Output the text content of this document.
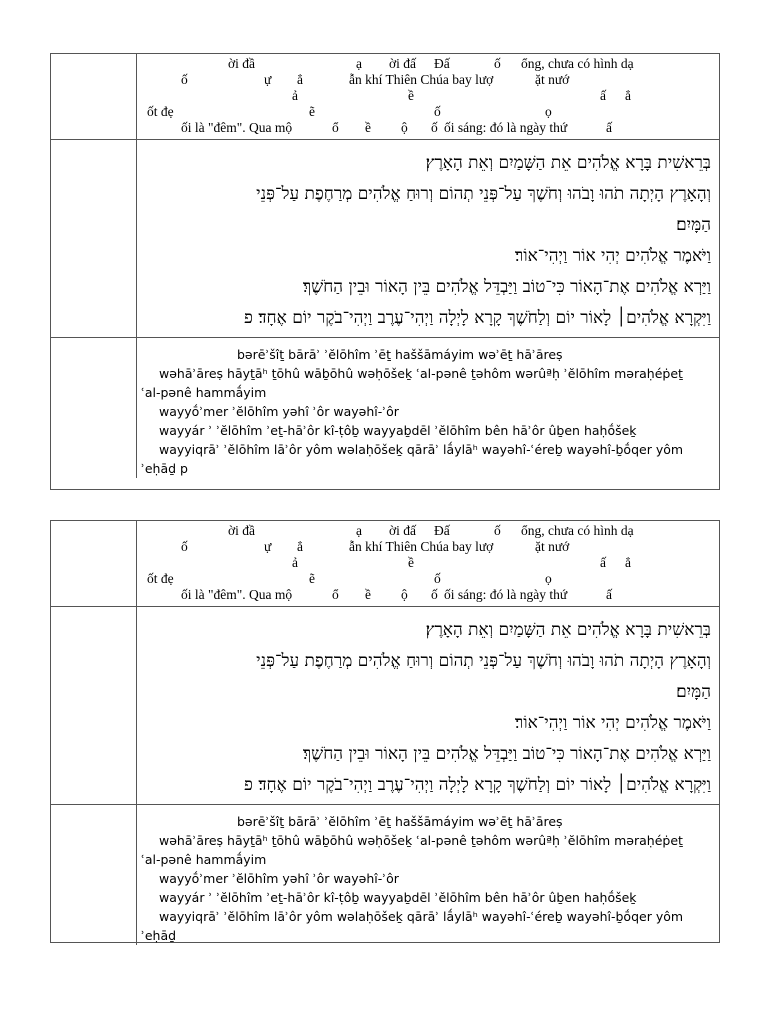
ời đầ	ạ ời đấ Đấ	ố ổng, chưa có hình dạ
ố	ự ẳ	ẫn khí Thiên Chúa bay lượ	ặt nướ
ả	ề	ấ ẳ
ốt đẹ	ẽ	ố	ọ
ối là "đêm". Qua mộ	ổ ề ộ ố ối sáng: đó là ngày thứ	ấ
בְּרֵאשִׁית בָּרָא אֱלֹהִים אֵת הַשָּׁמַיִם וְאֵת הָאָרֶץ׃
וְהָאָרֶץ הָיְתָה תֹהוּ וָבֹהוּ וְחֹשֶׁךְ עַל־פְּנֵי תְהוֹם וְרוּחַ אֱלֹהִים מְרַחֶפֶת עַל־פְּנֵי
הַמָּיִם׃
וַיֹּאמֶר אֱלֹהִים יְהִי אוֹר וַיְהִי־אוֹר׃
וַיַּרְא אֱלֹהִים אֶת־הָאוֹר כִּי־טוֹב וַיַּבְדֵּל אֱלֹהִים בֵּין הָאוֹר וּבֵין הַחֹשֶׁךְ׃
וַיִּקְרָא אֱלֹהִים׀ לָאוֹר יוֹם וְלַחֹשֶׁךְ קָרָא לָיְלָה וַיְהִי־עֶרֶב וַיְהִי־בֹקֶר יוֹם אֶחָד׃ פ
bərēʾšîṯ bārāʾ ʾĕlōhîm ʾēṯ haššāmáyim wəʾēṯ hāʾāreṣ
wəhāʾāreṣ hāyṯāʰ ṯōhû wāḇōhû wəḥōšeḵ ʿal-pənê ṯəhôm wərûªḥ ʾĕlōhîm məraḥéṗeṯ
ʿal-pənê hammā́yim
wayyṓʾmer ʾĕlōhîm yəhî ʾôr wayəhî-ʾôr
wayyár ʾ ʾĕlōhîm ʾeṯ-hāʾôr kî-ṭôḇ wayyaḇdēl ʾĕlōhîm bên hāʾôr ûḇen haḥṓšeḵ
wayyiqrāʾ ʾĕlōhîm lāʾôr yôm wəlaḥōšeḵ qārāʾ lā́ylāʰ wayəhî-ʿéreḇ wayəhî-ḇṓqer yôm
ʾeḥāḏ p
ời đầ	ạ ời đấ Đấ	ố ổng, chưa có hình dạ
ố	ự ẳ	ẫn khí Thiên Chúa bay lượ	ặt nướ
ả	ề	ấ ẳ
ốt đẹ	ẽ	ố	ọ
ối là "đêm". Qua mộ	ổ ề ộ ố ối sáng: đó là ngày thứ	ấ
בְּרֵאשִׁית בָּרָא אֱלֹהִים אֵת הַשָּׁמַיִם וְאֵת הָאָרֶץ׃
וְהָאָרֶץ הָיְתָה תֹהוּ וָבֹהוּ וְחֹשֶׁךְ עַל־פְּנֵי תְהוֹם וְרוּחַ אֱלֹהִים מְרַחֶפֶת עַל־פְּנֵי
הַמָּיִם׃
וַיֹּאמֶר אֱלֹהִים יְהִי אוֹר וַיְהִי־אוֹר׃
וַיַּרְא אֱלֹהִים אֶת־הָאוֹר כִּי־טוֹב וַיַּבְדֵּל אֱלֹהִים בֵּין הָאוֹר וּבֵין הַחֹשֶׁךְ׃
וַיִּקְרָא אֱלֹהִים׀ לָאוֹר יוֹם וְלַחֹשֶׁךְ קָרָא לָיְלָה וַיְהִי־עֶרֶב וַיְהִי־בֹקֶר יוֹם אֶחָד׃ פ
bərēʾšîṯ bārāʾ ʾĕlōhîm ʾēṯ haššāmáyim wəʾēṯ hāʾāreṣ
wəhāʾāreṣ hāyṯāʰ ṯōhû wāḇōhû wəḥōšeḵ ʿal-pənê ṯəhôm wərûªḥ ʾĕlōhîm məraḥéṗeṯ
ʿal-pənê hammā́yim
wayyṓʾmer ʾĕlōhîm yəhî ʾôr wayəhî-ʾôr
wayyár ʾ ʾĕlōhîm ʾeṯ-hāʾôr kî-ṭôḇ wayyaḇdēl ʾĕlōhîm bên hāʾôr ûḇen haḥṓšeḵ
wayyiqrāʾ ʾĕlōhîm lāʾôr yôm wəlaḥōšeḵ qārāʾ lā́ylāʰ wayəhî-ʿéreḇ wayəhî-ḇṓqer yôm
ʾeḥāḏ
